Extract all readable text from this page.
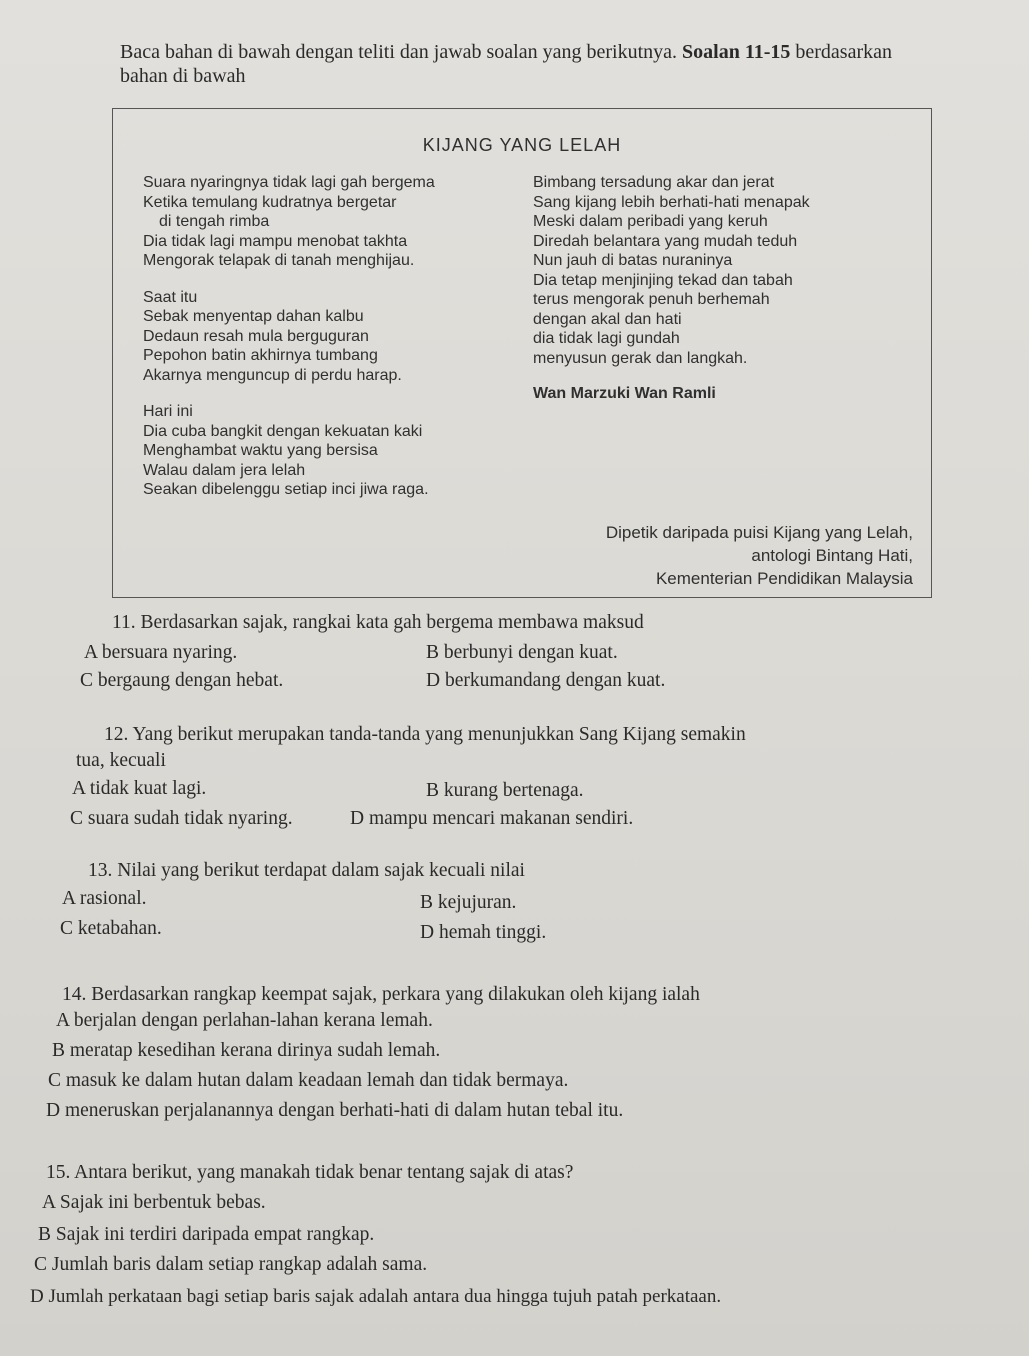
Baca bahan di bawah dengan teliti dan jawab soalan yang berikutnya. Soalan 11-15 berdasarkan
bahan di bawah
KIJANG YANG LELAH
Suara nyaringnya tidak lagi gah bergema
Ketika temulang kudratnya bergetar
di tengah rimba
Dia tidak lagi mampu menobat takhta
Mengorak telapak di tanah menghijau.
Saat itu
Sebak menyentap dahan kalbu
Dedaun resah mula berguguran
Pepohon batin akhirnya tumbang
Akarnya menguncup di perdu harap.
Hari ini
Dia cuba bangkit dengan kekuatan kaki
Menghambat waktu yang bersisa
Walau dalam jera lelah
Seakan dibelenggu setiap inci jiwa raga.
Bimbang tersadung akar dan jerat
Sang kijang lebih berhati-hati menapak
Meski dalam peribadi yang keruh
Diredah belantara yang mudah teduh
Nun jauh di batas nuraninya
Dia tetap menjinjing tekad dan tabah
terus mengorak penuh berhemah
dengan akal dan hati
dia tidak lagi gundah
menyusun gerak dan langkah.
Wan Marzuki Wan Ramli
Dipetik daripada puisi Kijang yang Lelah,
antologi Bintang Hati,
Kementerian Pendidikan Malaysia
11. Berdasarkan sajak, rangkai kata gah bergema membawa maksud
A bersuara nyaring.	B berbunyi dengan kuat.
C bergaung dengan hebat.	D berkumandang dengan kuat.
12. Yang berikut merupakan tanda-tanda yang menunjukkan Sang Kijang semakin
tua, kecuali
A tidak kuat lagi.	B kurang bertenaga.
C suara sudah tidak nyaring.	D mampu mencari makanan sendiri.
13. Nilai yang berikut terdapat dalam sajak kecuali nilai
A rasional.	B kejujuran.
C ketabahan.	D hemah tinggi.
14. Berdasarkan rangkap keempat sajak, perkara yang dilakukan oleh kijang ialah
A berjalan dengan perlahan-lahan kerana lemah.
B meratap kesedihan kerana dirinya sudah lemah.
C masuk ke dalam hutan dalam keadaan lemah dan tidak bermaya.
D meneruskan perjalanannya dengan berhati-hati di dalam hutan tebal itu.
15. Antara berikut, yang manakah tidak benar tentang sajak di atas?
A Sajak ini berbentuk bebas.
B Sajak ini terdiri daripada empat rangkap.
C Jumlah baris dalam setiap rangkap adalah sama.
D Jumlah perkataan bagi setiap baris sajak adalah antara dua hingga tujuh patah perkataan.
